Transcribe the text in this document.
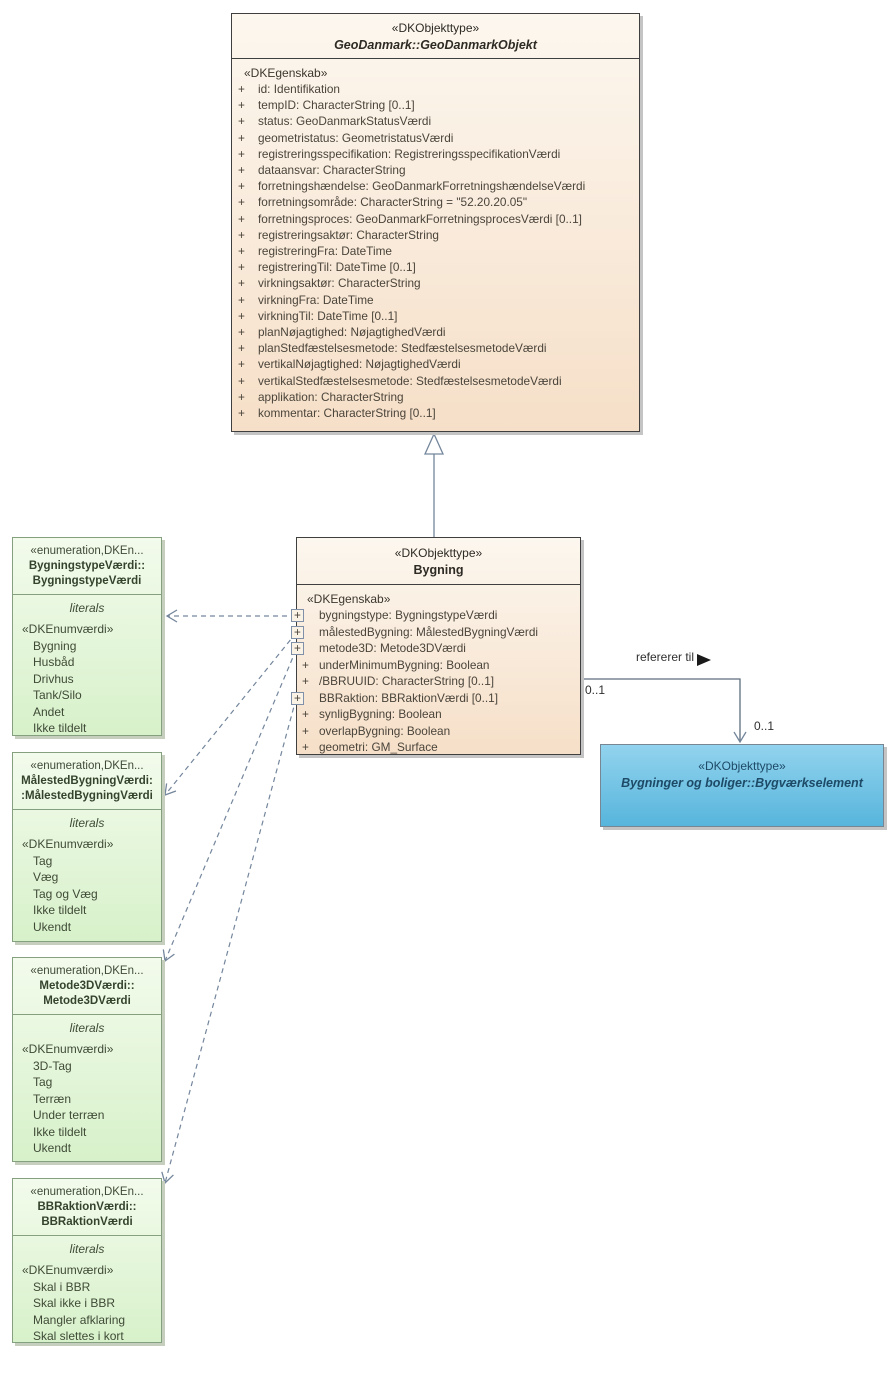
«DKObjekttype»
GeoDanmark::GeoDanmarkObjekt
«DKEgenskab»
+ id: Identifikation
+ tempID: CharacterString [0..1]
+ status: GeoDanmarkStatusVærdi
+ geometristatus: GeometristatusVærdi
+ registreringsspecifikation: RegistreringsspecifikationVærdi
+ dataansvar: CharacterString
+ forretningshændelse: GeoDanmarkForretningshændelseVærdi
+ forretningsområde: CharacterString = "52.20.20.05"
+ forretningsproces: GeoDanmarkForretningsprocesVærdi [0..1]
+ registreringsaktør: CharacterString
+ registreringFra: DateTime
+ registreringTil: DateTime [0..1]
+ virkningsaktør: CharacterString
+ virkningFra: DateTime
+ virkningTil: DateTime [0..1]
+ planNøjagtighed: NøjagtighedVærdi
+ planStedfæstelsesmetode: StedfæstelsesmetodeVærdi
+ vertikalNøjagtighed: NøjagtighedVærdi
+ vertikalStedfæstelsesmetode: StedfæstelsesmetodeVærdi
+ applikation: CharacterString
+ kommentar: CharacterString [0..1]
«DKObjekttype»
Bygning
«DKEgenskab»
+ bygningstype: BygningstypeVærdi
+ målestedBygning: MålestedBygningVærdi
+ metode3D: Metode3DVærdi
+ underMinimumBygning: Boolean
+ /BBRUUID: CharacterString [0..1]
+ BBRaktion: BBRaktionVærdi [0..1]
+ synligBygning: Boolean
+ overlapBygning: Boolean
+ geometri: GM_Surface
«DKObjekttype»
Bygninger og boliger::Bygværkselement
«enumeration,DKEn...
BygningstypeVærdi::
BygningstypeVærdi
literals
«DKEnumværdi»
Bygning
Husbåd
Drivhus
Tank/Silo
Andet
Ikke tildelt
«enumeration,DKEn...
MålestedBygningVærdi:
:MålestedBygningVærdi
literals
«DKEnumværdi»
Tag
Væg
Tag og Væg
Ikke tildelt
Ukendt
«enumeration,DKEn...
Metode3DVærdi::
Metode3DVærdi
literals
«DKEnumværdi»
3D-Tag
Tag
Terræn
Under terræn
Ikke tildelt
Ukendt
«enumeration,DKEn...
BBRaktionVærdi::
BBRaktionVærdi
literals
«DKEnumværdi»
Skal i BBR
Skal ikke i BBR
Mangler afklaring
Skal slettes i kort
refererer til
0..1
0..1
